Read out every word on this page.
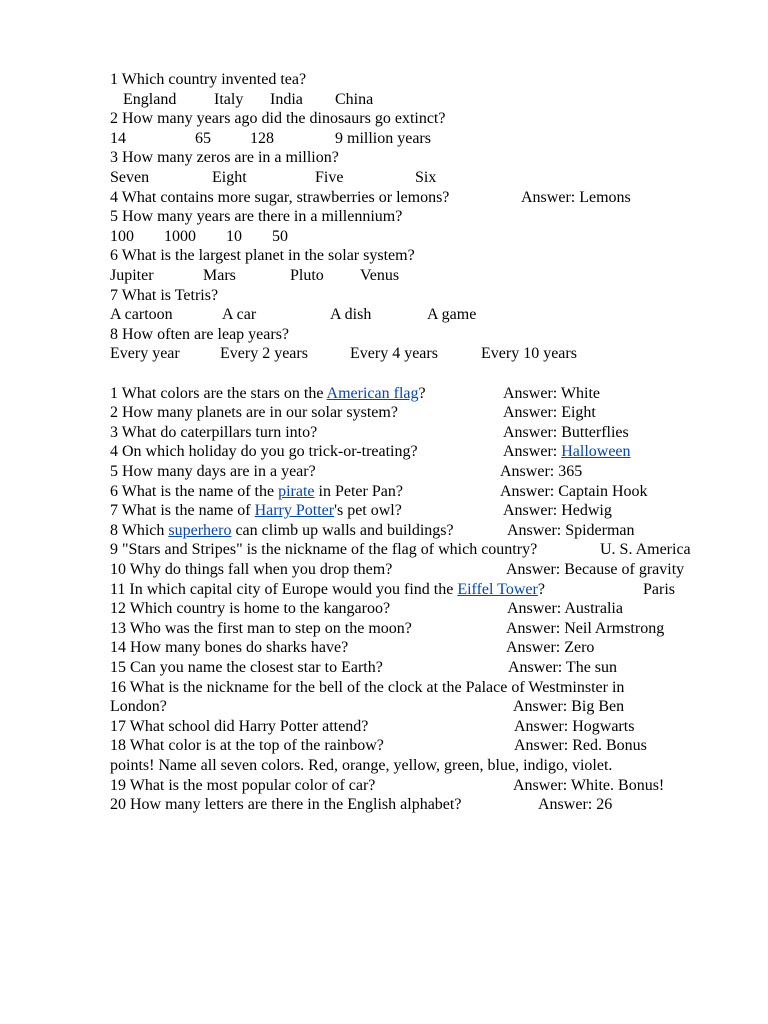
1 Which country invented tea?

England

Italy

India

China

2 How many years ago did the dinosaurs go extinct?

14

	65

128

	9 million years

3 How many zeros are in a million?

Seven

	Eight

	Five

	Six

4 What contains more sugar, strawberries or lemons?

	Answer: Lemons

5 How many years are there in a millennium?

100

1000

10

50

6 What is the largest planet in the solar system?

Jupiter

	Mars

	Pluto

Venus

7 What is Tetris?

A cartoon

	A car

	A dish

	A game

8 How often are leap years?

Every year

	Every 2 years

	Every 4 years

	Every 10 years

1 What colors are the stars on the American flag?

	Answer: White

2 How many planets are in our solar system?

	Answer: Eight

3 What do caterpillars turn into?

	Answer: Butterflies

4 On which holiday do you go trick-or-treating?

	Answer: Halloween

5 How many days are in a year?

	Answer: 365

6 What is the name of the pirate in Peter Pan?

	Answer: Captain Hook

7 What is the name of Harry Potter's pet owl?

	Answer: Hedwig

8 Which superhero can climb up walls and buildings?

	Answer: Spiderman

9 "Stars and Stripes" is the nickname of the flag of which country?

	U. S. America

10 Why do things fall when you drop them?

	Answer: Because of gravity

11 In which capital city of Europe would you find the Eiffel Tower?

	Paris

12 Which country is home to the kangaroo?

	Answer: Australia

13 Who was the first man to step on the moon?

	Answer: Neil Armstrong

14 How many bones do sharks have?

	Answer: Zero

15 Can you name the closest star to Earth?

	Answer: The sun

16 What is the nickname for the bell of the clock at the Palace of Westminster in

London?

	Answer: Big Ben

17 What school did Harry Potter attend?

	Answer: Hogwarts

18 What color is at the top of the rainbow?

	Answer: Red. Bonus

points! Name all seven colors. Red, orange, yellow, green, blue, indigo, violet.

19 What is the most popular color of car?

	Answer: White. Bonus!

20 How many letters are there in the English alphabet?

	Answer: 26
